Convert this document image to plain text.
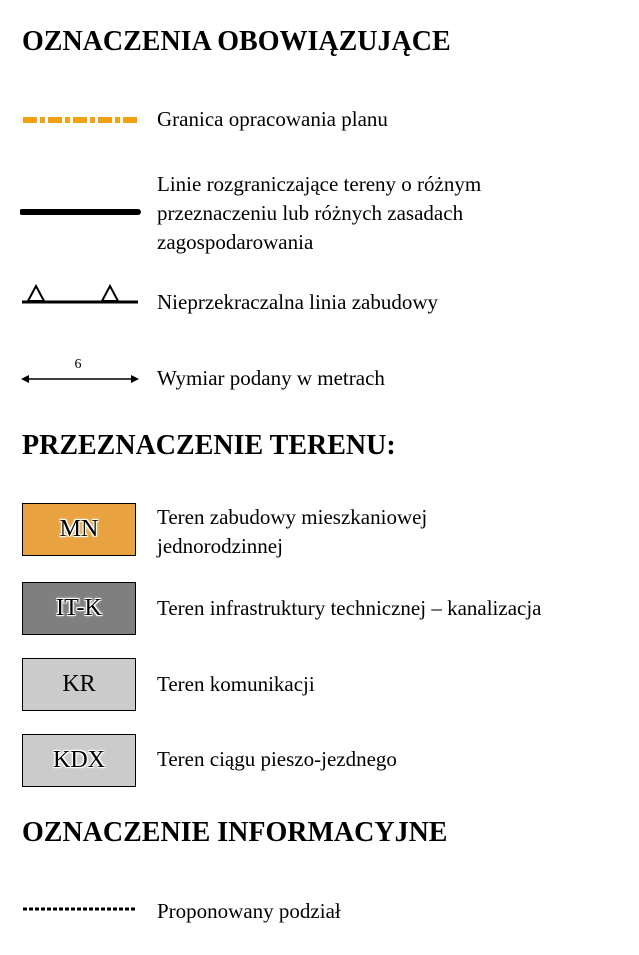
OZNACZENIA OBOWIĄZUJĄCE

Granica opracowania planu

Linie rozgraniczające tereny o różnym

przeznaczeniu lub różnych zasadach

zagospodarowania

Nieprzekraczalna linia zabudowy

6

Wymiar podany w metrach

PRZEZNACZENIE TERENU:
MN	Teren zabudowy mieszkaniowej

jednorodzinnej

IT-K	Teren infrastruktury technicznej – kanalizacja

KR	Teren komunikacji

KDX Teren ciągu pieszo-jezdnego

OZNACZENIE INFORMACYJNE

Proponowany podział
